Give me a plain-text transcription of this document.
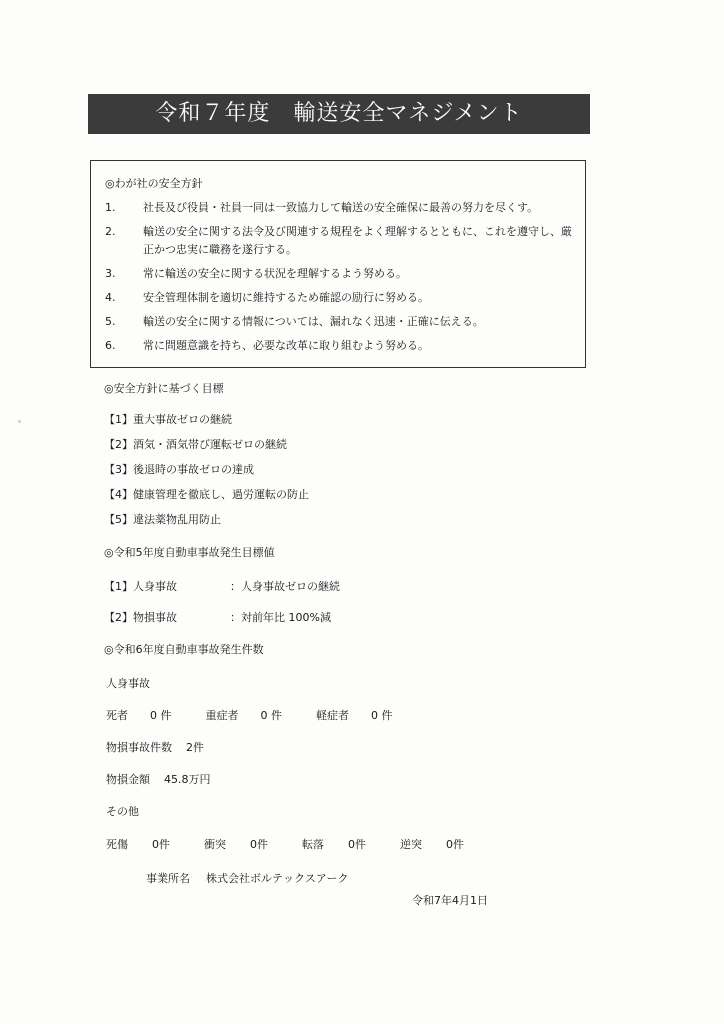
令和７年度　輸送安全マネジメント
◎わが社の安全方針
1.	社長及び役員・社員一同は一致協力して輸送の安全確保に最善の努力を尽くす。
2.	輸送の安全に関する法令及び関連する規程をよく理解するとともに、これを遵守し、厳正かつ忠実に職務を遂行する。
3.	常に輸送の安全に関する状況を理解するよう努める。
4.	安全管理体制を適切に維持するため確認の励行に努める。
5.	輸送の安全に関する情報については、漏れなく迅速・正確に伝える。
6.	常に問題意識を持ち、必要な改革に取り組むよう努める。
◎安全方針に基づく目標
【1】重大事故ゼロの継続
【2】酒気・酒気帯び運転ゼロの継続
【3】後退時の事故ゼロの達成
【4】健康管理を徹底し、過労運転の防止
【5】違法薬物乱用防止
◎令和5年度自動車事故発生目標値
【1】人身事故	：人身事故ゼロの継続
【2】物損事故	：対前年比 100%減
◎令和6年度自動車事故発生件数
人身事故
死者 0 件	重症者 0 件	軽症者 0 件
物損事故件数 2件
物損金額 45.8万円
その他
死傷 0件	衝突 0件	転落 0件	逆突 0件
事業所名 株式会社ボルテックスアーク
令和7年4月1日
